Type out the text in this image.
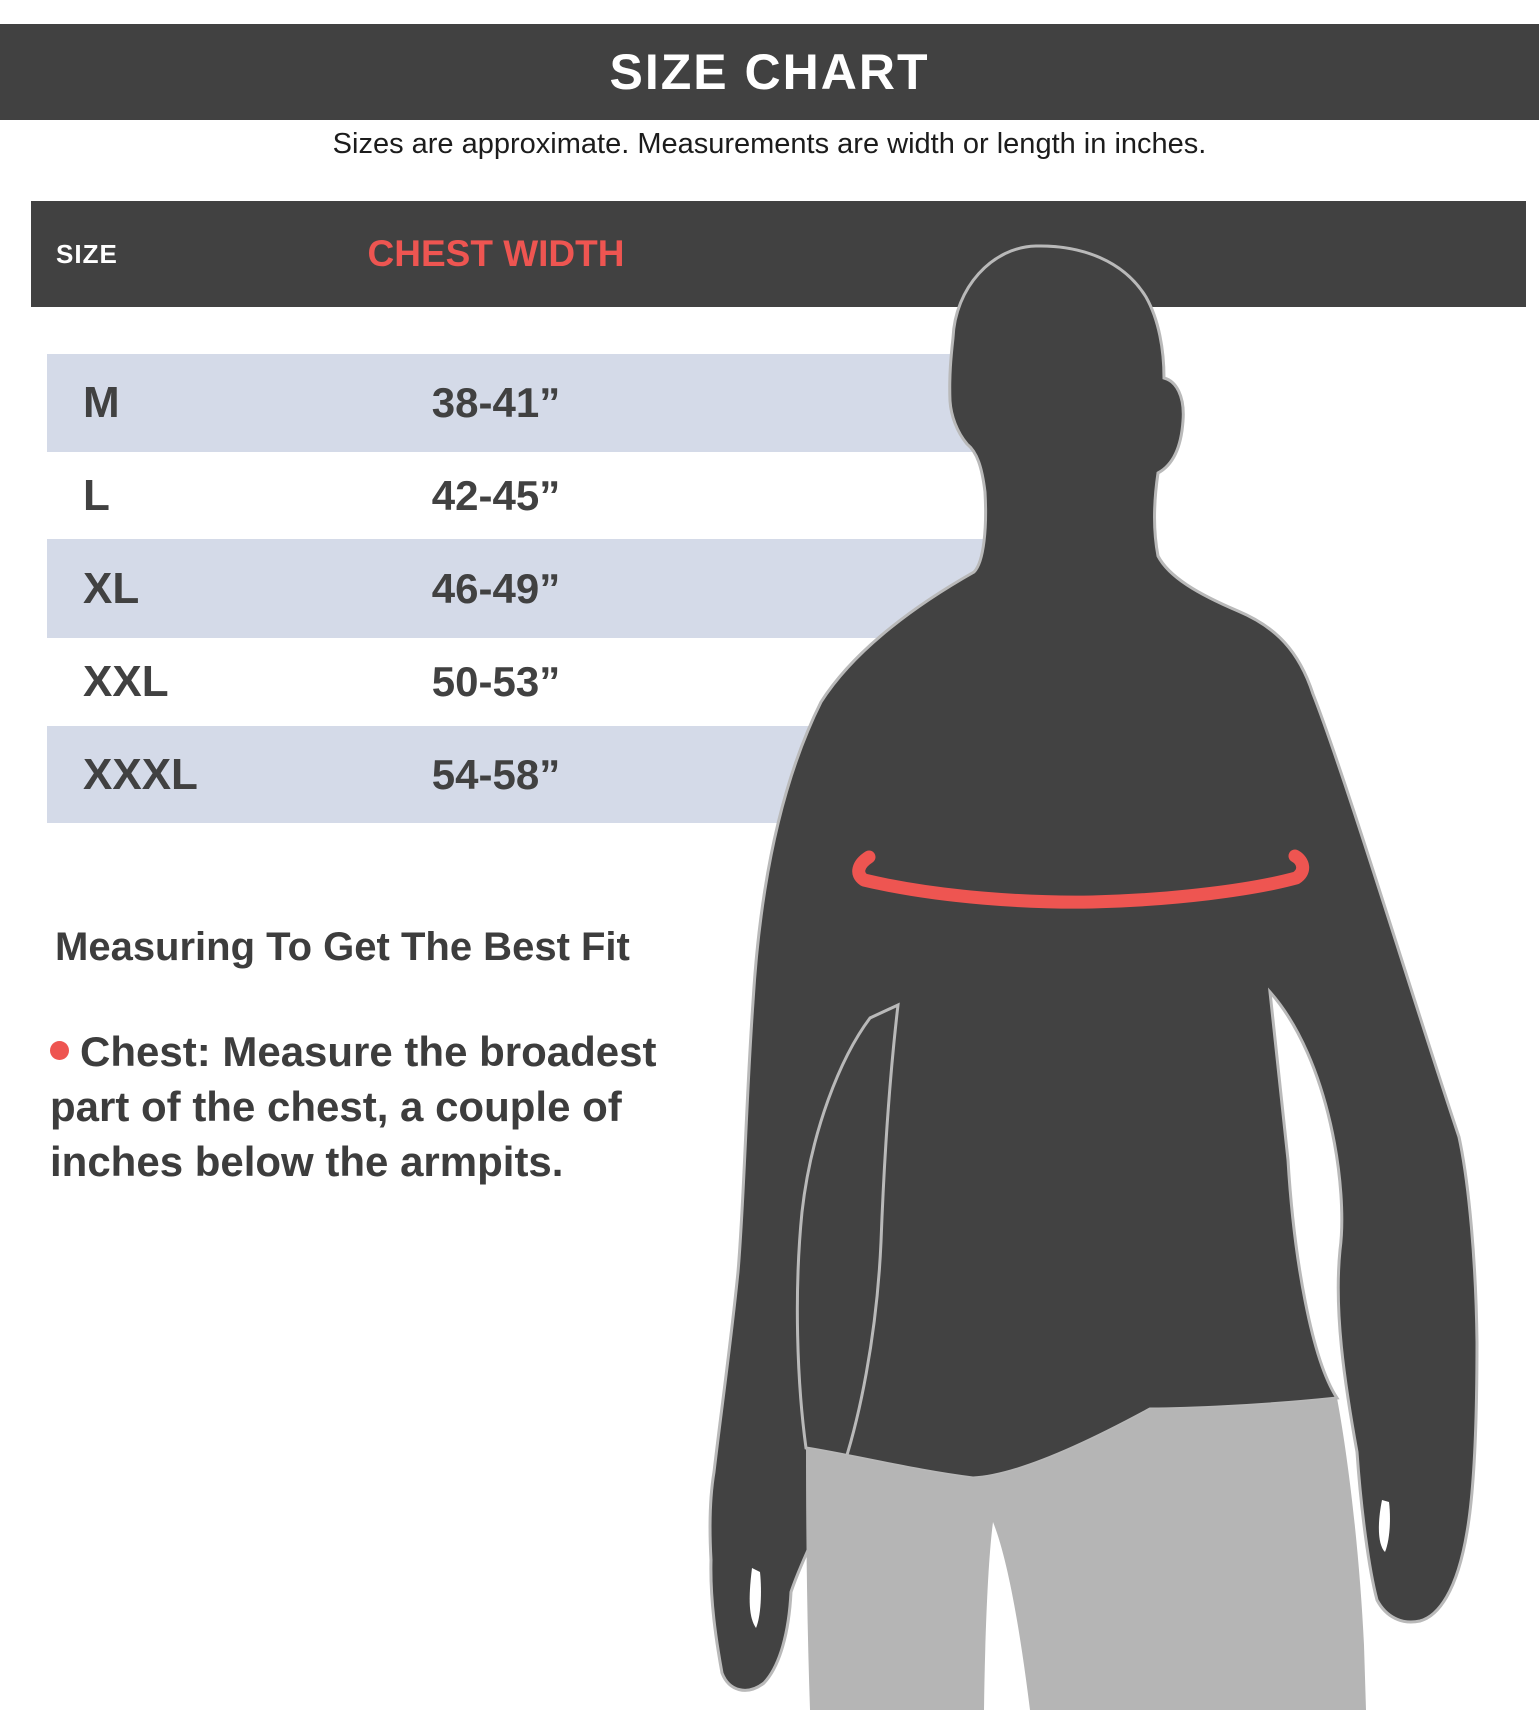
SIZE CHART
Sizes are approximate. Measurements are width or length in inches.
SIZE	CHEST WIDTH
M	38-41”
L	42-45”
XL	46-49”
XXL	50-53”
XXXL	54-58”
Measuring To Get The Best Fit
Chest: Measure the broadest
part of the chest, a couple of
inches below the armpits.
